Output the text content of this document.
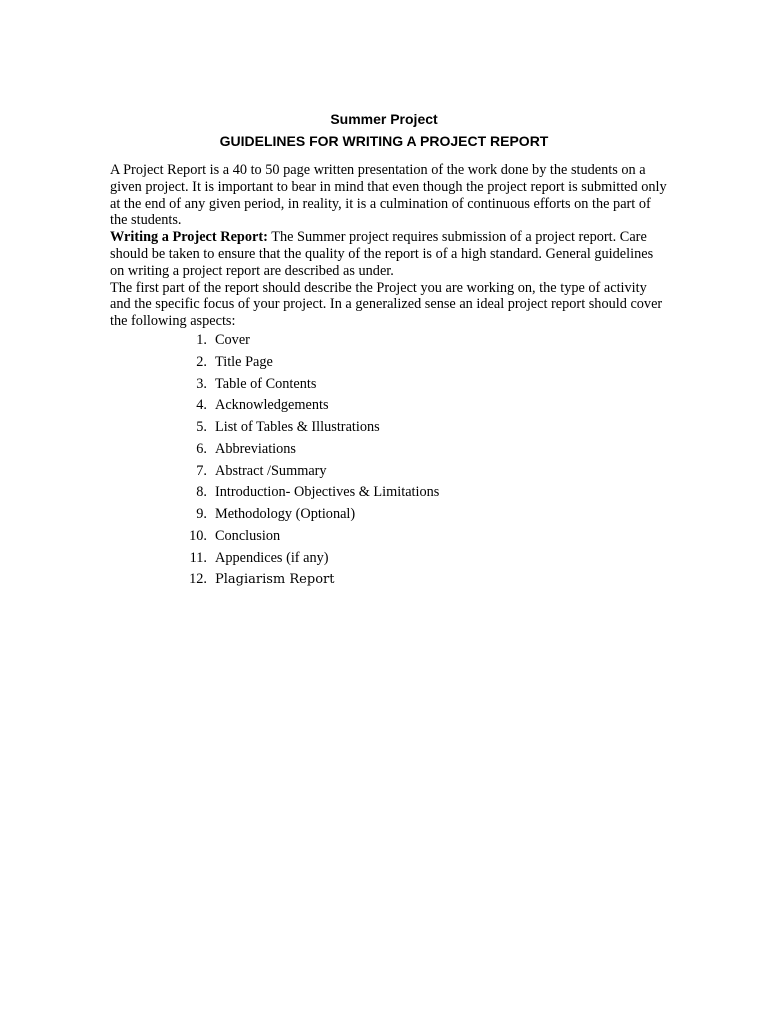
Summer Project
GUIDELINES FOR WRITING A PROJECT REPORT

A Project Report is a 40 to 50 page written presentation of the work done by the students on a given project. It is important to bear in mind that even though the project report is submitted only at the end of any given period, in reality, it is a culmination of continuous efforts on the part of the students.

Writing a Project Report: The Summer project requires submission of a project report. Care should be taken to ensure that the quality of the report is of a high standard. General guidelines on writing a project report are described as under.

The first part of the report should describe the Project you are working on, the type of activity and the specific focus of your project. In a generalized sense an ideal project report should cover the following aspects:

1. Cover
2. Title Page
3. Table of Contents
4. Acknowledgements
5. List of Tables & Illustrations
6. Abbreviations
7. Abstract /Summary
8. Introduction- Objectives & Limitations
9. Methodology (Optional)
10. Conclusion
11. Appendices (if any)
12. Plagiarism Report
